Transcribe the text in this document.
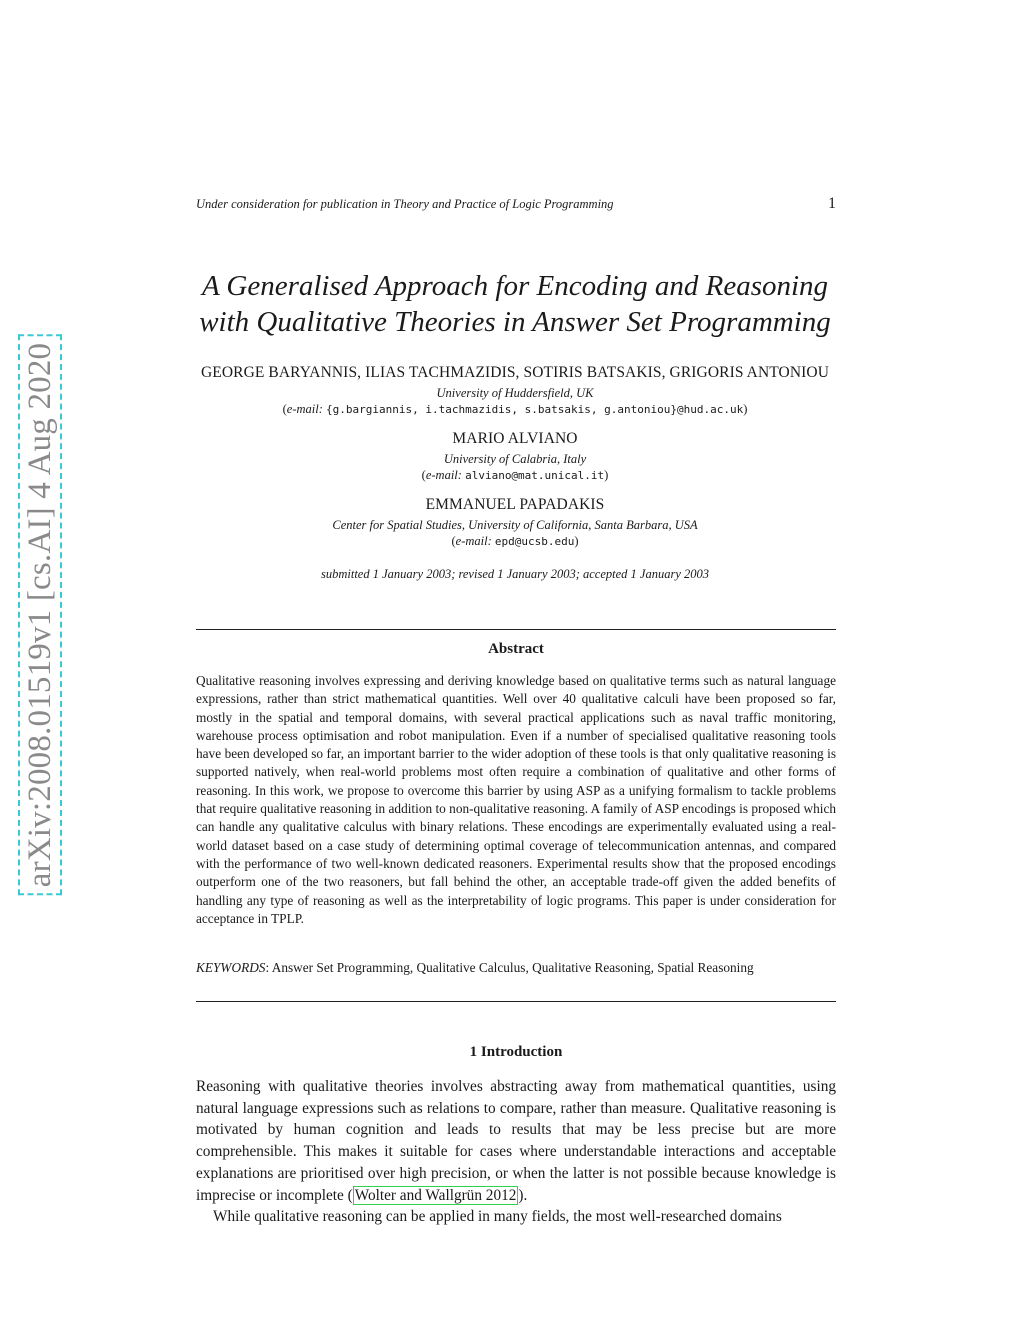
arXiv:2008.01519v1 [cs.AI] 4 Aug 2020
Under consideration for publication in Theory and Practice of Logic Programming	1
A Generalised Approach for Encoding and Reasoning
with Qualitative Theories in Answer Set Programming
GEORGE BARYANNIS, ILIAS TACHMAZIDIS, SOTIRIS BATSAKIS, GRIGORIS ANTONIOU
University of Huddersfield, UK
(e-mail: {g.bargiannis, i.tachmazidis, s.batsakis, g.antoniou}@hud.ac.uk)
MARIO ALVIANO
University of Calabria, Italy
(e-mail: alviano@mat.unical.it)
EMMANUEL PAPADAKIS
Center for Spatial Studies, University of California, Santa Barbara, USA
(e-mail: epd@ucsb.edu)
submitted 1 January 2003; revised 1 January 2003; accepted 1 January 2003
Abstract
Qualitative reasoning involves expressing and deriving knowledge based on qualitative terms such as natural language expressions, rather than strict mathematical quantities. Well over 40 qualitative calculi have been proposed so far, mostly in the spatial and temporal domains, with several practical applications such as naval traffic monitoring, warehouse process optimisation and robot manipulation. Even if a number of specialised qualitative reasoning tools have been developed so far, an important barrier to the wider adoption of these tools is that only qualitative reasoning is supported natively, when real-world problems most often require a combination of qualitative and other forms of reasoning. In this work, we propose to overcome this barrier by using ASP as a unifying formalism to tackle problems that require qualitative reasoning in addition to non-qualitative reasoning. A family of ASP encodings is proposed which can handle any qualitative calculus with binary relations. These encodings are experimentally evaluated using a real-world dataset based on a case study of determining optimal coverage of telecommunication antennas, and compared with the performance of two well-known dedicated reasoners. Experimental results show that the proposed encodings outperform one of the two reasoners, but fall behind the other, an acceptable trade-off given the added benefits of handling any type of reasoning as well as the interpretability of logic programs. This paper is under consideration for acceptance in TPLP.
KEYWORDS: Answer Set Programming, Qualitative Calculus, Qualitative Reasoning, Spatial Reasoning
1 Introduction

Reasoning with qualitative theories involves abstracting away from mathematical quantities, using natural language expressions such as relations to compare, rather than measure. Qualitative reasoning is motivated by human cognition and leads to results that may be less precise but are more comprehensible. This makes it suitable for cases where understandable interactions and acceptable explanations are prioritised over high precision, or when the latter is not possible because knowledge is imprecise or incomplete ( Wolter and Wallgrün 2012 ).

While qualitative reasoning can be applied in many fields, the most well-researched domains
